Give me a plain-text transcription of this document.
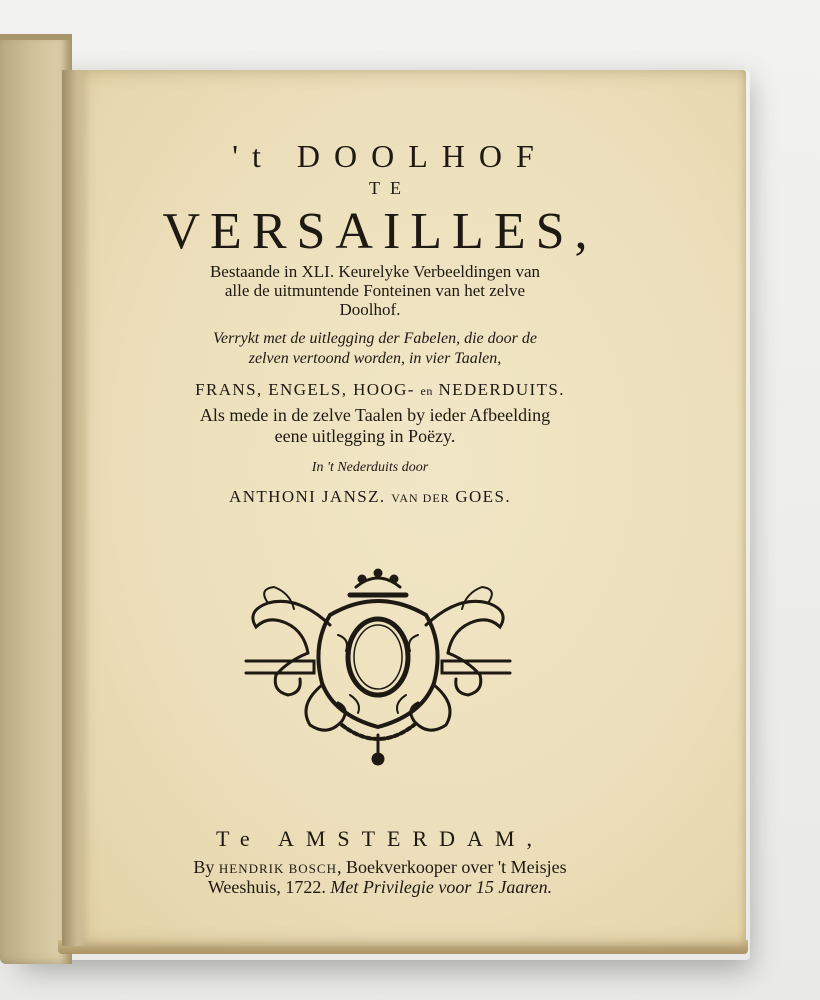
't DOOLHOF
TE
VERSAILLES,
Bestaande in XLI. Keurelyke Verbeeldingen van
alle de uitmuntende Fonteinen van het zelve
Doolhof.
Verrykt met de uitlegging der Fabelen, die door de
zelven vertoond worden, in vier Taalen,
FRANS, ENGELS, HOOG- en NEDERDUITS.
Als mede in de zelve Taalen by ieder Afbeelding
eene uitlegging in Poëzy.
In 't Nederduits door
ANTHONI JANSZ. VAN DER GOES.
Te AMSTERDAM,
By HENDRIK BOSCH, Boekverkooper over 't Meisjes
Weeshuis, 1722. Met Privilegie voor 15 Jaaren.
